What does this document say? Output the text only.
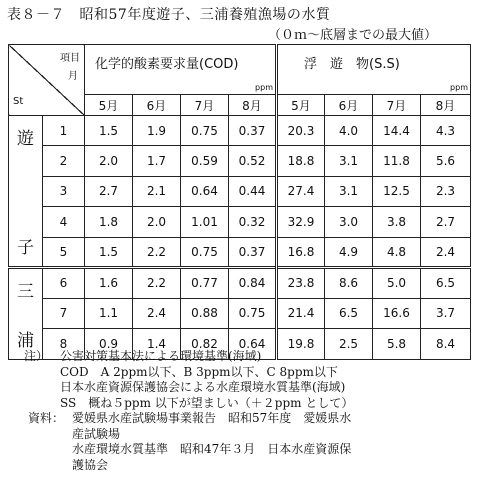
表８－７　昭和57年度遊子、三浦養殖漁場の水質
（０ｍ～底層までの最大値）
項目
月
St		化学的酸素要求量(COD)
ppm				浮　遊　物(S.S)
ppm			

		5月	6月	7月	8月	5月	6月	7月	8月

遊
子	1	1.5	1.9	0.75	0.37	20.3	4.0	14.4	4.3
	2	2.0	1.7	0.59	0.52	18.8	3.1	11.8	5.6
	3	2.7	2.1	0.64	0.44	27.4	3.1	12.5	2.3
	4	1.8	2.0	1.01	0.32	32.9	3.0	3.8	2.7
	5	1.5	2.2	0.75	0.37	16.8	4.9	4.8	2.4

三
浦	6	1.6	2.2	0.77	0.84	23.8	8.6	5.0	6.5
	7	1.1	2.4	0.88	0.75	21.4	6.5	16.6	3.7
	8	0.9	1.4	0.82	0.64	19.8	2.5	5.8	8.4
注） 公害対策基本法による環境基準(海域)
COD　A 2ppm以下、B 3ppm以下、C 8ppm以下
日本水産資源保護協会による水産環境水質基準(海域)
SS　概ね５ppm 以下が望ましい（＋２ppm として）
資料： 愛媛県水産試験場事業報告　昭和57年度　愛媛県水
産試験場
水産環境水質基準　昭和47年３月　日本水産資源保
護協会
